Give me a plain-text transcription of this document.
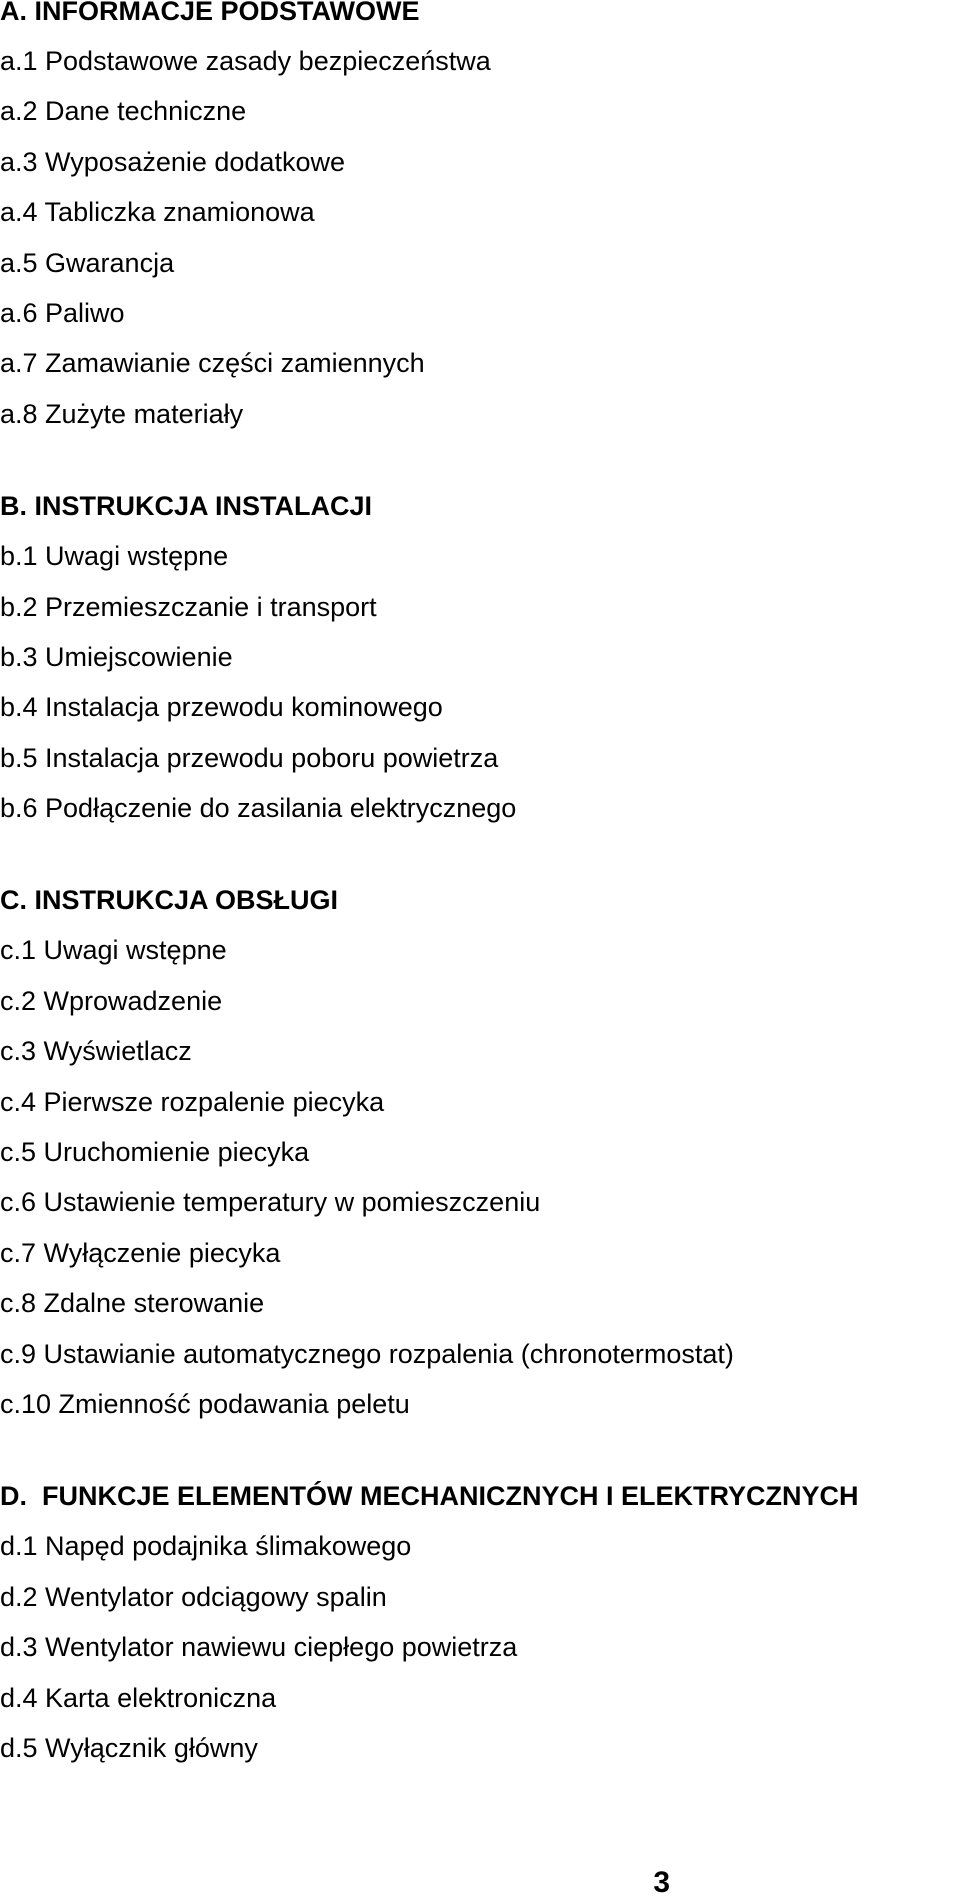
A. INFORMACJE PODSTAWOWE
a.1 Podstawowe zasady bezpieczeństwa
a.2 Dane techniczne
a.3 Wyposażenie dodatkowe
a.4 Tabliczka znamionowa
a.5 Gwarancja
a.6 Paliwo
a.7 Zamawianie części zamiennych
a.8 Zużyte materiały
B. INSTRUKCJA INSTALACJI
b.1 Uwagi wstępne
b.2 Przemieszczanie i transport
b.3 Umiejscowienie
b.4 Instalacja przewodu kominowego
b.5 Instalacja przewodu poboru powietrza
b.6 Podłączenie do zasilania elektrycznego
C. INSTRUKCJA OBSŁUGI
c.1 Uwagi wstępne
c.2 Wprowadzenie
c.3 Wyświetlacz
c.4 Pierwsze rozpalenie piecyka
c.5 Uruchomienie piecyka
c.6 Ustawienie temperatury w pomieszczeniu
c.7 Wyłączenie piecyka
c.8 Zdalne sterowanie
c.9 Ustawianie automatycznego rozpalenia (chronotermostat)
c.10 Zmienność podawania peletu
D.  FUNKCJE ELEMENTÓW MECHANICZNYCH I ELEKTRYCZNYCH
d.1 Napęd podajnika ślimakowego
d.2 Wentylator odciągowy spalin
d.3 Wentylator nawiewu ciepłego powietrza
d.4 Karta elektroniczna
d.5 Wyłącznik główny
3
